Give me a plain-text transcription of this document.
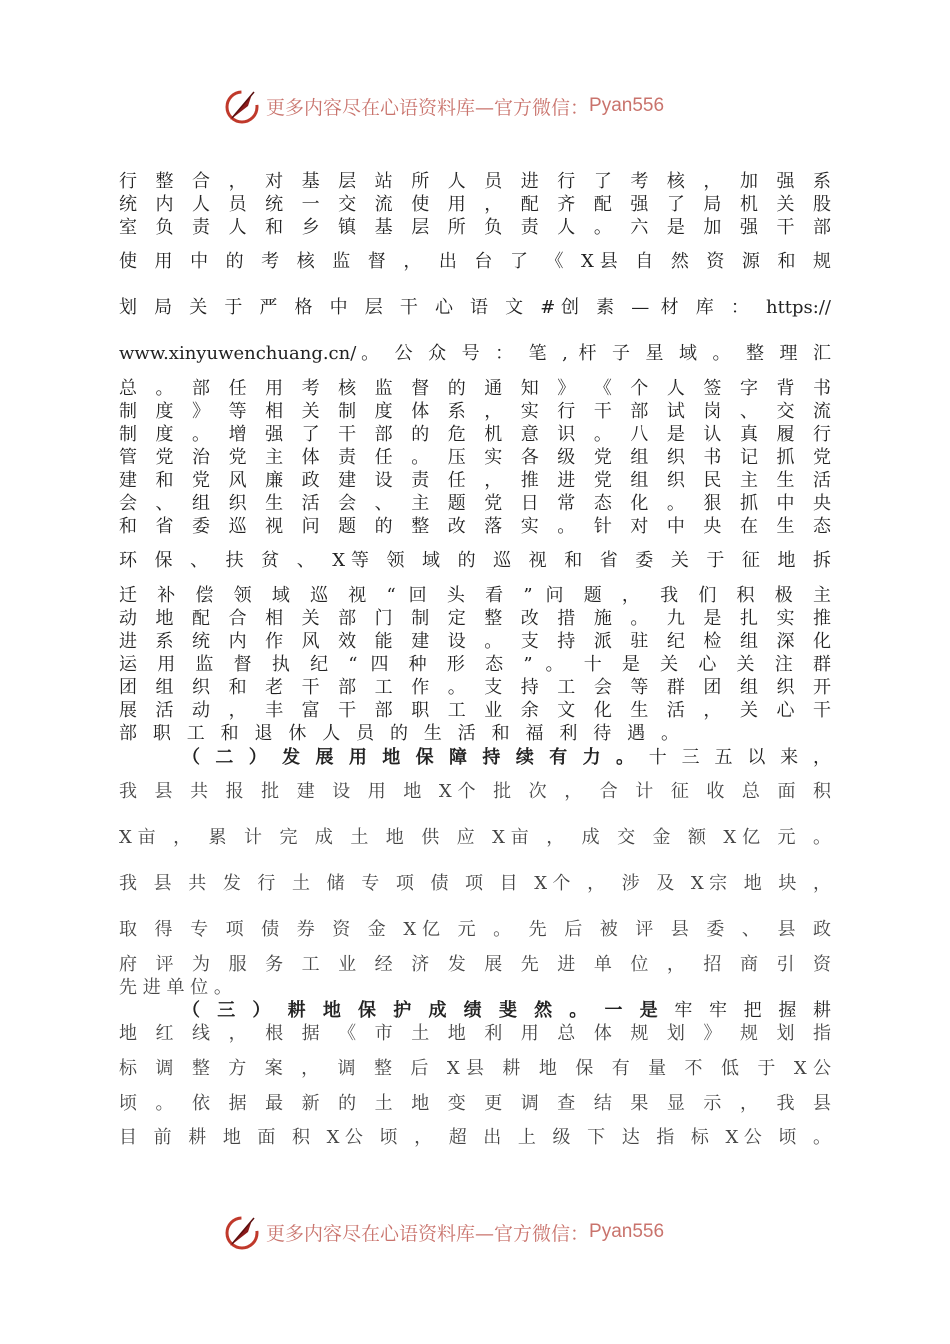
更多内容尽在心语资料库—官方微信： Pyan556
行 整 合 ， 对 基 层 站 所 人 员 进 行 了 考 核 ， 加 强 系
统 内 人 员 统 一 交 流 使 用 ， 配 齐 配 强 了 局 机 关 股
室 负 责 人 和 乡 镇 基 层 所 负 责 人 。 六 是 加 强 干 部
使 用 中 的 考 核 监 督 ， 出 台 了 《 X县 自 然 资 源 和 规
划 局 关 于 严 格 中 层 干 心 语 文 #创 素 — 材 库 ： https://
www.xinyuwenchuang.cn/。 公 众 号 ： 笔 , 杆 子 星 域 。 整 理 汇
总 。 部 任 用 考 核 监 督 的 通 知 》 《 个 人 签 字 背 书
制 度 》 等 相 关 制 度 体 系 ， 实 行 干 部 试 岗 、 交 流
制 度 。 增 强 了 干 部 的 危 机 意 识 。 八 是 认 真 履 行
管 党 治 党 主 体 责 任 。 压 实 各 级 党 组 织 书 记 抓 党
建 和 党 风 廉 政 建 设 责 任 ， 推 进 党 组 织 民 主 生 活
会 、 组 织 生 活 会 、 主 题 党 日 常 态 化 。 狠 抓 中 央
和 省 委 巡 视 问 题 的 整 改 落 实 。 针 对 中 央 在 生 态
环 保 、 扶 贫 、 X等 领 域 的 巡 视 和 省 委 关 于 征 地 拆
迁 补 偿 领 域 巡 视 “ 回 头 看 ” 问 题 ， 我 们 积 极 主
动 地 配 合 相 关 部 门 制 定 整 改 措 施 。 九 是 扎 实 推
进 系 统 内 作 风 效 能 建 设 。 支 持 派 驻 纪 检 组 深 化
运 用 监 督 执 纪 “ 四 种 形 态 ” 。 十 是 关 心 关 注 群
团 组 织 和 老 干 部 工 作 。 支 持 工 会 等 群 团 组 织 开
展 活 动 ， 丰 富 干 部 职 工 业 余 文 化 生 活 ， 关 心 干
部 职 工 和 退 休 人 员 的 生 活 和 福 利 待 遇 。
（ 二 ） 发 展 用 地 保 障 持 续 有 力 。 十 三 五 以 来 ，
我 县 共 报 批 建 设 用 地 X个 批 次 ， 合 计 征 收 总 面 积
X亩 ， 累 计 完 成 土 地 供 应 X亩 ， 成 交 金 额 X亿 元 。
我 县 共 发 行 土 储 专 项 债 项 目 X个 ， 涉 及 X宗 地 块 ，
取 得 专 项 债 券 资 金 X亿 元 。 先 后 被 评 县 委 、 县 政
府 评 为 服 务 工 业 经 济 发 展 先 进 单 位 ， 招 商 引 资
先 进 单 位 。
（ 三 ） 耕 地 保 护 成 绩 斐 然 。 一 是 牢 牢 把 握 耕
地 红 线 ， 根 据 《 市 土 地 利 用 总 体 规 划 》 规 划 指
标 调 整 方 案 ， 调 整 后 X县 耕 地 保 有 量 不 低 于 X公
顷 。 依 据 最 新 的 土 地 变 更 调 查 结 果 显 示 ， 我 县
目 前 耕 地 面 积 X公 顷 ， 超 出 上 级 下 达 指 标 X公 顷 。
更多内容尽在心语资料库—官方微信： Pyan556
